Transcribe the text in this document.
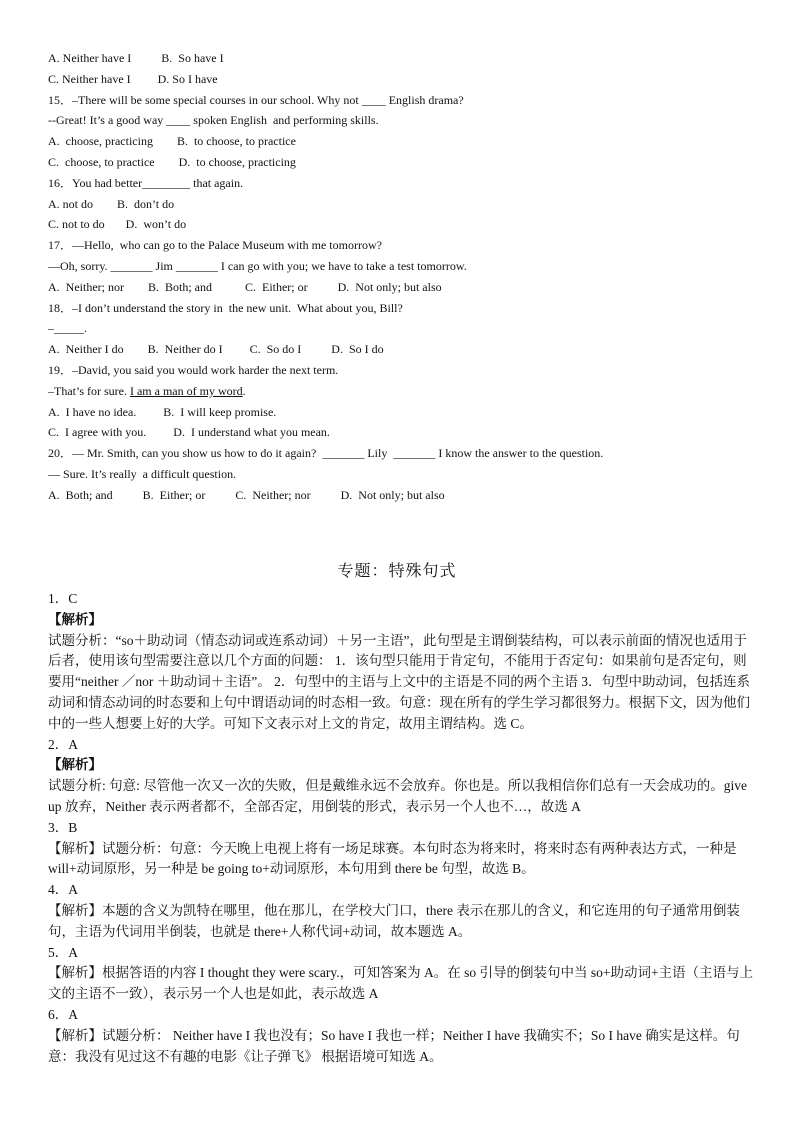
A. Neither have I          B.  So have I
C. Neither have I         D. So I have
15．–There will be some special courses in our school. Why not ____ English drama?
--Great! It’s a good way ____ spoken English  and performing skills.
A.  choose, practicing        B.  to choose, to practice
C.  choose, to practice        D.  to choose, practicing
16．You had better________ that again.
A. not do        B.  don’t do
C. not to do       D.  won’t do
17．—Hello,  who can go to the Palace Museum with me tomorrow?
—Oh, sorry. _______ Jim _______ I can go with you; we have to take a test tomorrow.
A.  Neither; nor        B.  Both; and           C.  Either; or          D.  Not only; but also
18．–I don’t understand the story in  the new unit.  What about you, Bill?
–_____.
A.  Neither I do        B.  Neither do I         C.  So do I          D.  So I do
19．–David, you said you would work harder the next term.
–That’s for sure. I am a man of my word.
A.  I have no idea.         B.  I will keep promise.
C.  I agree with you.         D.  I understand what you mean.
20．— Mr. Smith, can you show us how to do it again?  _______ Lily  _______ I know the answer to the question.
— Sure. It’s really  a difficult question.
A.  Both; and          B.  Either; or          C.  Neither; nor          D.  Not only; but also
专题：特殊句式
1．C
【解析】
试题分析：“so＋助动词（情态动词或连系动词）＋另一主语”，此句型是主谓倒装结构，可以表示前面的情况也适用于后者，使用该句型需要注意以几个方面的问题： 1．该句型只能用于肯定句，不能用于否定句：如果前句是否定句，则要用“neither ／nor ＋助动词＋主语”。 2．句型中的主语与上文中的主语是不同的两个主语 3．句型中助动词，包括连系动词和情态动词的时态要和上句中谓语动词的时态相一致。句意：现在所有的学生学习都很努力。根据下文，因为他们中的一些人想要上好的大学。可知下文表示对上文的肯定，故用主谓结构。选 C。
2．A
【解析】
试题分析: 句意: 尽管他一次又一次的失败，但是戴维永远不会放弃。你也是。所以我相信你们总有一天会成功的。give up 放弃，Neither 表示两者都不，全部否定，用倒装的形式，表示另一个人也不…，故选 A
3．B
【解析】试题分析：句意：今天晚上电视上将有一场足球赛。本句时态为将来时，将来时态有两种表达方式，一种是 will+动词原形，另一种是 be going to+动词原形，本句用到 there be 句型，故选 B。
4．A
【解析】本题的含义为凯特在哪里，他在那儿，在学校大门口，there 表示在那儿的含义，和它连用的句子通常用倒装句，主语为代词用半倒装，也就是 there+人称代词+动词，故本题选 A。
5．A
【解析】根据答语的内容 I thought they were scary.，可知答案为 A。在 so 引导的倒装句中当 so+助动词+主语（主语与上文的主语不一致），表示另一个人也是如此，表示故选 A
6．A
【解析】试题分析： Neither have I 我也没有；So have I 我也一样；Neither I have 我确实不；So I have 确实是这样。句意：我没有见过这不有趣的电影《让子弹飞》 根据语境可知选 A。
